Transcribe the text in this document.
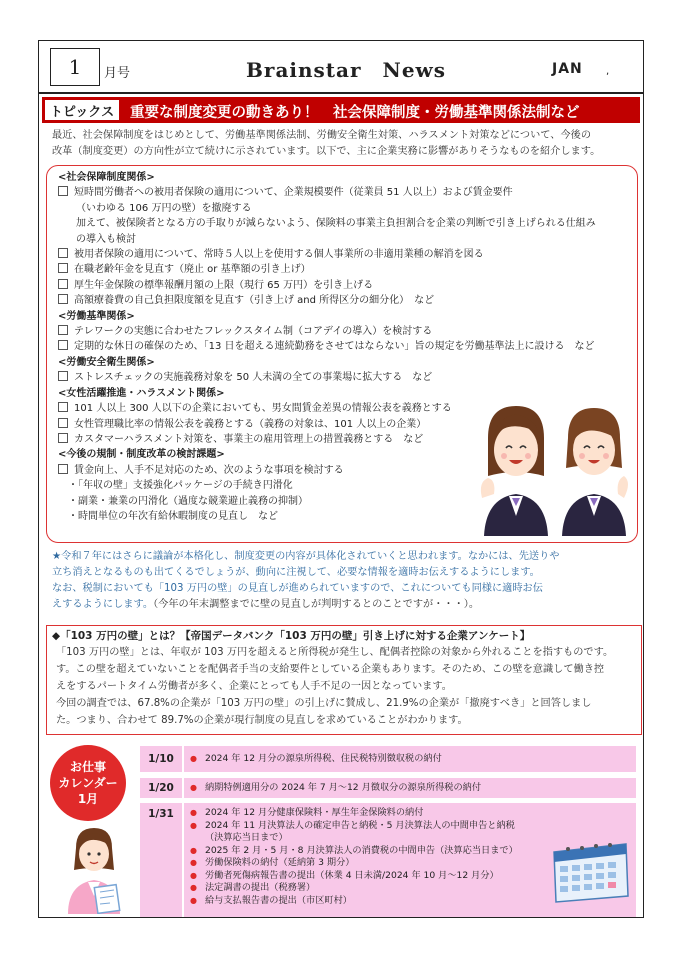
1 月号	Brainstar　News	JAN ,
トピックス	重要な制度変更の動きあり！　社会保障制度・労働基準関係法制など
最近、社会保障制度をはじめとして、労働基準関係法制、労働安全衛生対策、ハラスメント対策などについて、今後の
改革（制度変更）の方向性が立て続けに示されています。以下で、主に企業実務に影響がありそうなものを紹介します。
<社会保障制度関係>
短時間労働者への被用者保険の適用について、企業規模要件（従業員 51 人以上）および賃金要件
（いわゆる 106 万円の壁）を撤廃する
加えて、被保険者となる方の手取りが減らないよう、保険料の事業主負担割合を企業の判断で引き上げられる仕組み
の導入も検討
被用者保険の適用について、常時５人以上を使用する個人事業所の非適用業種の解消を図る
在職老齢年金を見直す（廃止 or 基準額の引き上げ）
厚生年金保険の標準報酬月額の上限（現行 65 万円）を引き上げる
高額療養費の自己負担限度額を見直す（引き上げ and 所得区分の細分化）　など
<労働基準関係>
テレワークの実態に合わせたフレックスタイム制（コアデイの導入）を検討する
定期的な休日の確保のため、「13 日を超える連続勤務をさせてはならない」旨の規定を労働基準法上に設ける　など
<労働安全衛生関係>
ストレスチェックの実施義務対象を 50 人未満の全ての事業場に拡大する　など
<女性活躍推進・ハラスメント関係>
101 人以上 300 人以下の企業においても、男女間賃金差異の情報公表を義務とする
女性管理職比率の情報公表を義務とする（義務の対象は、101 人以上の企業）
カスタマーハラスメント対策を、事業主の雇用管理上の措置義務とする　など
<今後の規制・制度改革の検討課題>
賃金向上、人手不足対応のため、次のような事項を検討する
・「年収の壁」支援強化パッケージの手続き円滑化
・副業・兼業の円滑化（過度な競業避止義務の抑制）
・時間単位の年次有給休暇制度の見直し　など
★令和７年にはさらに議論が本格化し、制度変更の内容が具体化されていくと思われます。なかには、先送りや
立ち消えとなるものも出てくるでしょうが、動向に注視して、必要な情報を適時お伝えするようにします。
なお、税制においても「103 万円の壁」の見直しが進められていますので、これについても同様に適時お伝
えするようにします。（今年の年末調整までに壁の見直しが判明するとのことですが・・・）。
◆「103 万円の壁」とは？【帝国データバンク「103 万円の壁」引き上げに対する企業アンケート】
「103 万円の壁」とは、年収が 103 万円を超えると所得税が発生し、配偶者控除の対象から外れることを指すものです。
す。この壁を超えていないことを配偶者手当の支給要件としている企業もあります。そのため、この壁を意識して働き控
えをするパートタイム労働者が多く、企業にとっても人手不足の一因となっています。
今回の調査では、67.8%の企業が「103 万円の壁」の引上げに賛成し、21.9%の企業が「撤廃すべき」と回答しまし
た。つまり、合わせて 89.7%の企業が現行制度の見直しを求めていることがわかります。
お仕事
カレンダー
1月
1/10	● 2024 年 12 月分の源泉所得税、住民税特別徴収税の納付
1/20	● 納期特例適用分の 2024 年 7 月～12 月徴収分の源泉所得税の納付
1/31	● 2024 年 12 月分健康保険料・厚生年金保険料の納付
● 2024 年 11 月決算法人の確定申告と納税・5 月決算法人の中間申告と納税
（決算応当日まで）
● 2025 年 2 月・5 月・8 月決算法人の消費税の中間申告（決算応当日まで）
● 労働保険料の納付（延納第 3 期分）
● 労働者死傷病報告書の提出（休業 4 日未満/2024 年 10 月～12 月分）
● 法定調書の提出（税務署）
● 給与支払報告書の提出（市区町村）
